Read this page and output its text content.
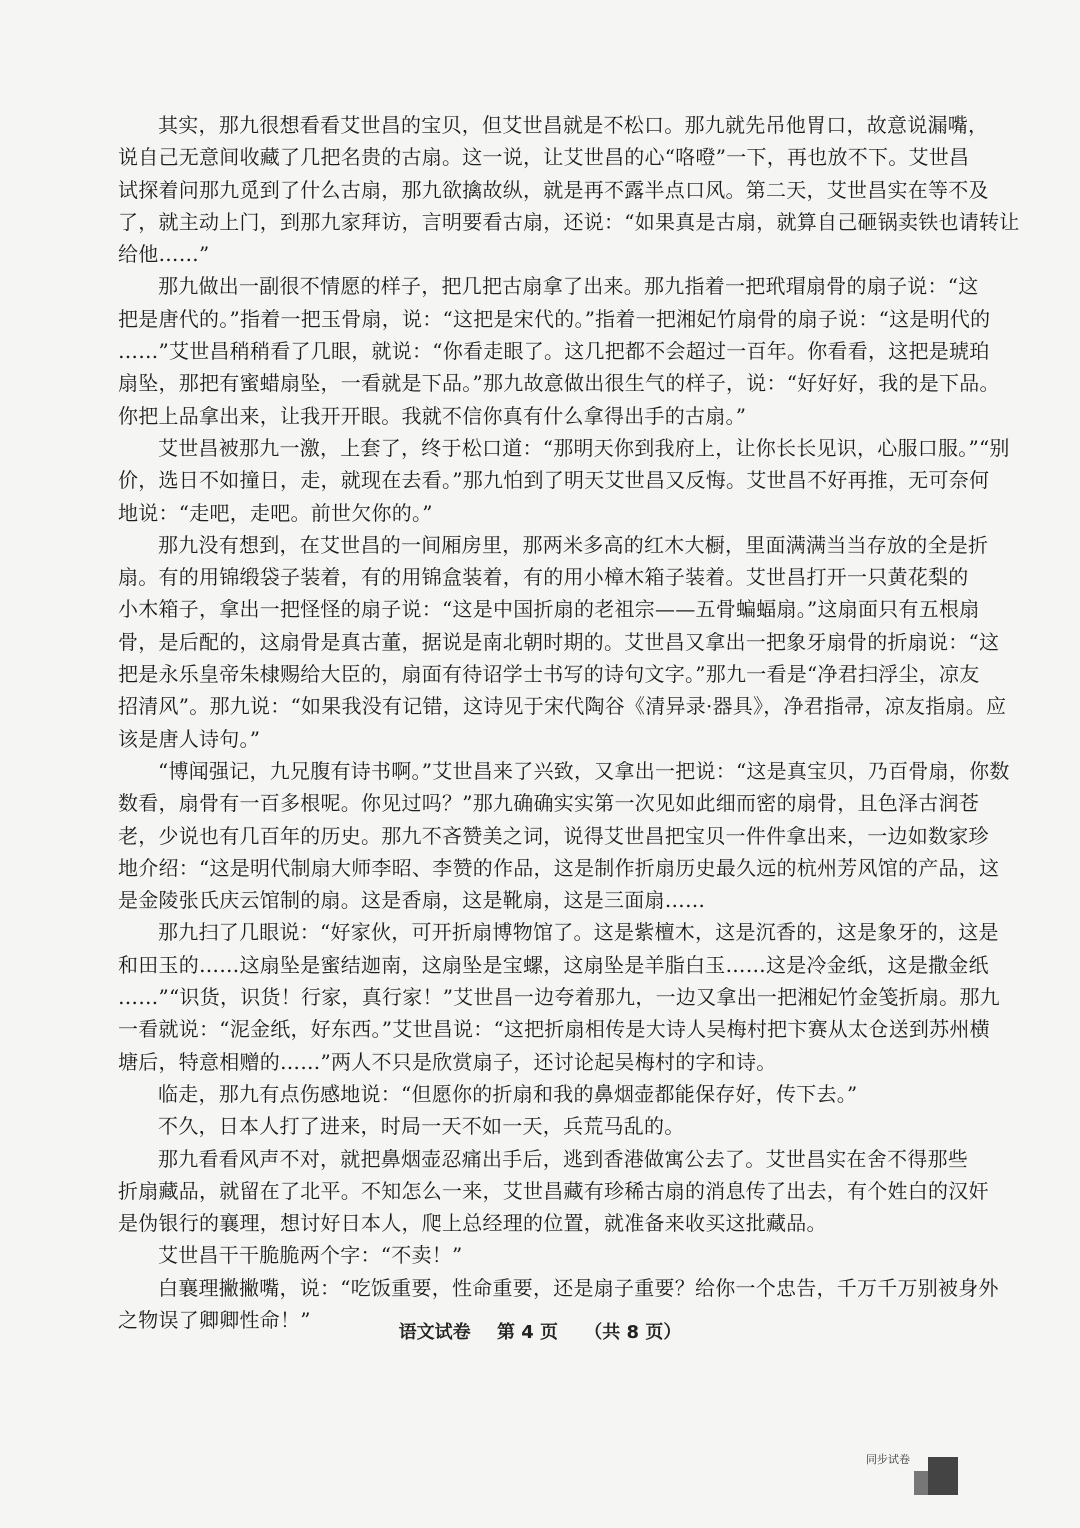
其实，那九很想看看艾世昌的宝贝，但艾世昌就是不松口。那九就先吊他胃口，故意说漏嘴，
说自己无意间收藏了几把名贵的古扇。这一说，让艾世昌的心“咯噔”一下，再也放不下。艾世昌
试探着问那九觅到了什么古扇，那九欲擒故纵，就是再不露半点口风。第二天，艾世昌实在等不及
了，就主动上门，到那九家拜访，言明要看古扇，还说：“如果真是古扇，就算自己砸锅卖铁也请转让
给他……”

那九做出一副很不情愿的样子，把几把古扇拿了出来。那九指着一把玳瑁扇骨的扇子说：“这
把是唐代的。”指着一把玉骨扇，说：“这把是宋代的。”指着一把湘妃竹扇骨的扇子说：“这是明代的
……”艾世昌稍稍看了几眼，就说：“你看走眼了。这几把都不会超过一百年。你看看，这把是琥珀
扇坠，那把有蜜蜡扇坠，一看就是下品。”那九故意做出很生气的样子，说：“好好好，我的是下品。
你把上品拿出来，让我开开眼。我就不信你真有什么拿得出手的古扇。”

艾世昌被那九一激，上套了，终于松口道：“那明天你到我府上，让你长长见识，心服口服。”“别
价，选日不如撞日，走，就现在去看。”那九怕到了明天艾世昌又反悔。艾世昌不好再推，无可奈何
地说：“走吧，走吧。前世欠你的。”

那九没有想到，在艾世昌的一间厢房里，那两米多高的红木大橱，里面满满当当存放的全是折
扇。有的用锦缎袋子装着，有的用锦盒装着，有的用小樟木箱子装着。艾世昌打开一只黄花梨的
小木箱子，拿出一把怪怪的扇子说：“这是中国折扇的老祖宗——五骨蝙蝠扇。”这扇面只有五根扇
骨，是后配的，这扇骨是真古董，据说是南北朝时期的。艾世昌又拿出一把象牙扇骨的折扇说：“这
把是永乐皇帝朱棣赐给大臣的，扇面有待诏学士书写的诗句文字。”那九一看是“净君扫浮尘，凉友
招清风”。那九说：“如果我没有记错，这诗见于宋代陶谷《清异录·器具》，净君指帚，凉友指扇。应
该是唐人诗句。”

“博闻强记，九兄腹有诗书啊。”艾世昌来了兴致，又拿出一把说：“这是真宝贝，乃百骨扇，你数
数看，扇骨有一百多根呢。你见过吗？”那九确确实实第一次见如此细而密的扇骨，且色泽古润苍
老，少说也有几百年的历史。那九不吝赞美之词，说得艾世昌把宝贝一件件拿出来，一边如数家珍
地介绍：“这是明代制扇大师李昭、李赞的作品，这是制作折扇历史最久远的杭州芳风馆的产品，这
是金陵张氏庆云馆制的扇。这是香扇，这是靴扇，这是三面扇……

那九扫了几眼说：“好家伙，可开折扇博物馆了。这是紫檀木，这是沉香的，这是象牙的，这是
和田玉的……这扇坠是蜜结迦南，这扇坠是宝螺，这扇坠是羊脂白玉……这是冷金纸，这是撒金纸
……”“识货，识货！行家，真行家！”艾世昌一边夸着那九，一边又拿出一把湘妃竹金笺折扇。那九
一看就说：“泥金纸，好东西。”艾世昌说：“这把折扇相传是大诗人吴梅村把卞赛从太仓送到苏州横
塘后，特意相赠的……”两人不只是欣赏扇子，还讨论起吴梅村的字和诗。

临走，那九有点伤感地说：“但愿你的折扇和我的鼻烟壶都能保存好，传下去。”

不久，日本人打了进来，时局一天不如一天，兵荒马乱的。

那九看看风声不对，就把鼻烟壶忍痛出手后，逃到香港做寓公去了。艾世昌实在舍不得那些
折扇藏品，就留在了北平。不知怎么一来，艾世昌藏有珍稀古扇的消息传了出去，有个姓白的汉奸
是伪银行的襄理，想讨好日本人，爬上总经理的位置，就准备来收买这批藏品。

艾世昌干干脆脆两个字：“不卖！”

白襄理撇撇嘴，说：“吃饭重要，性命重要，还是扇子重要？给你一个忠告，千万千万别被身外
之物误了卿卿性命！”

语文试卷 第 4 页 （共 8 页）
同步试卷
